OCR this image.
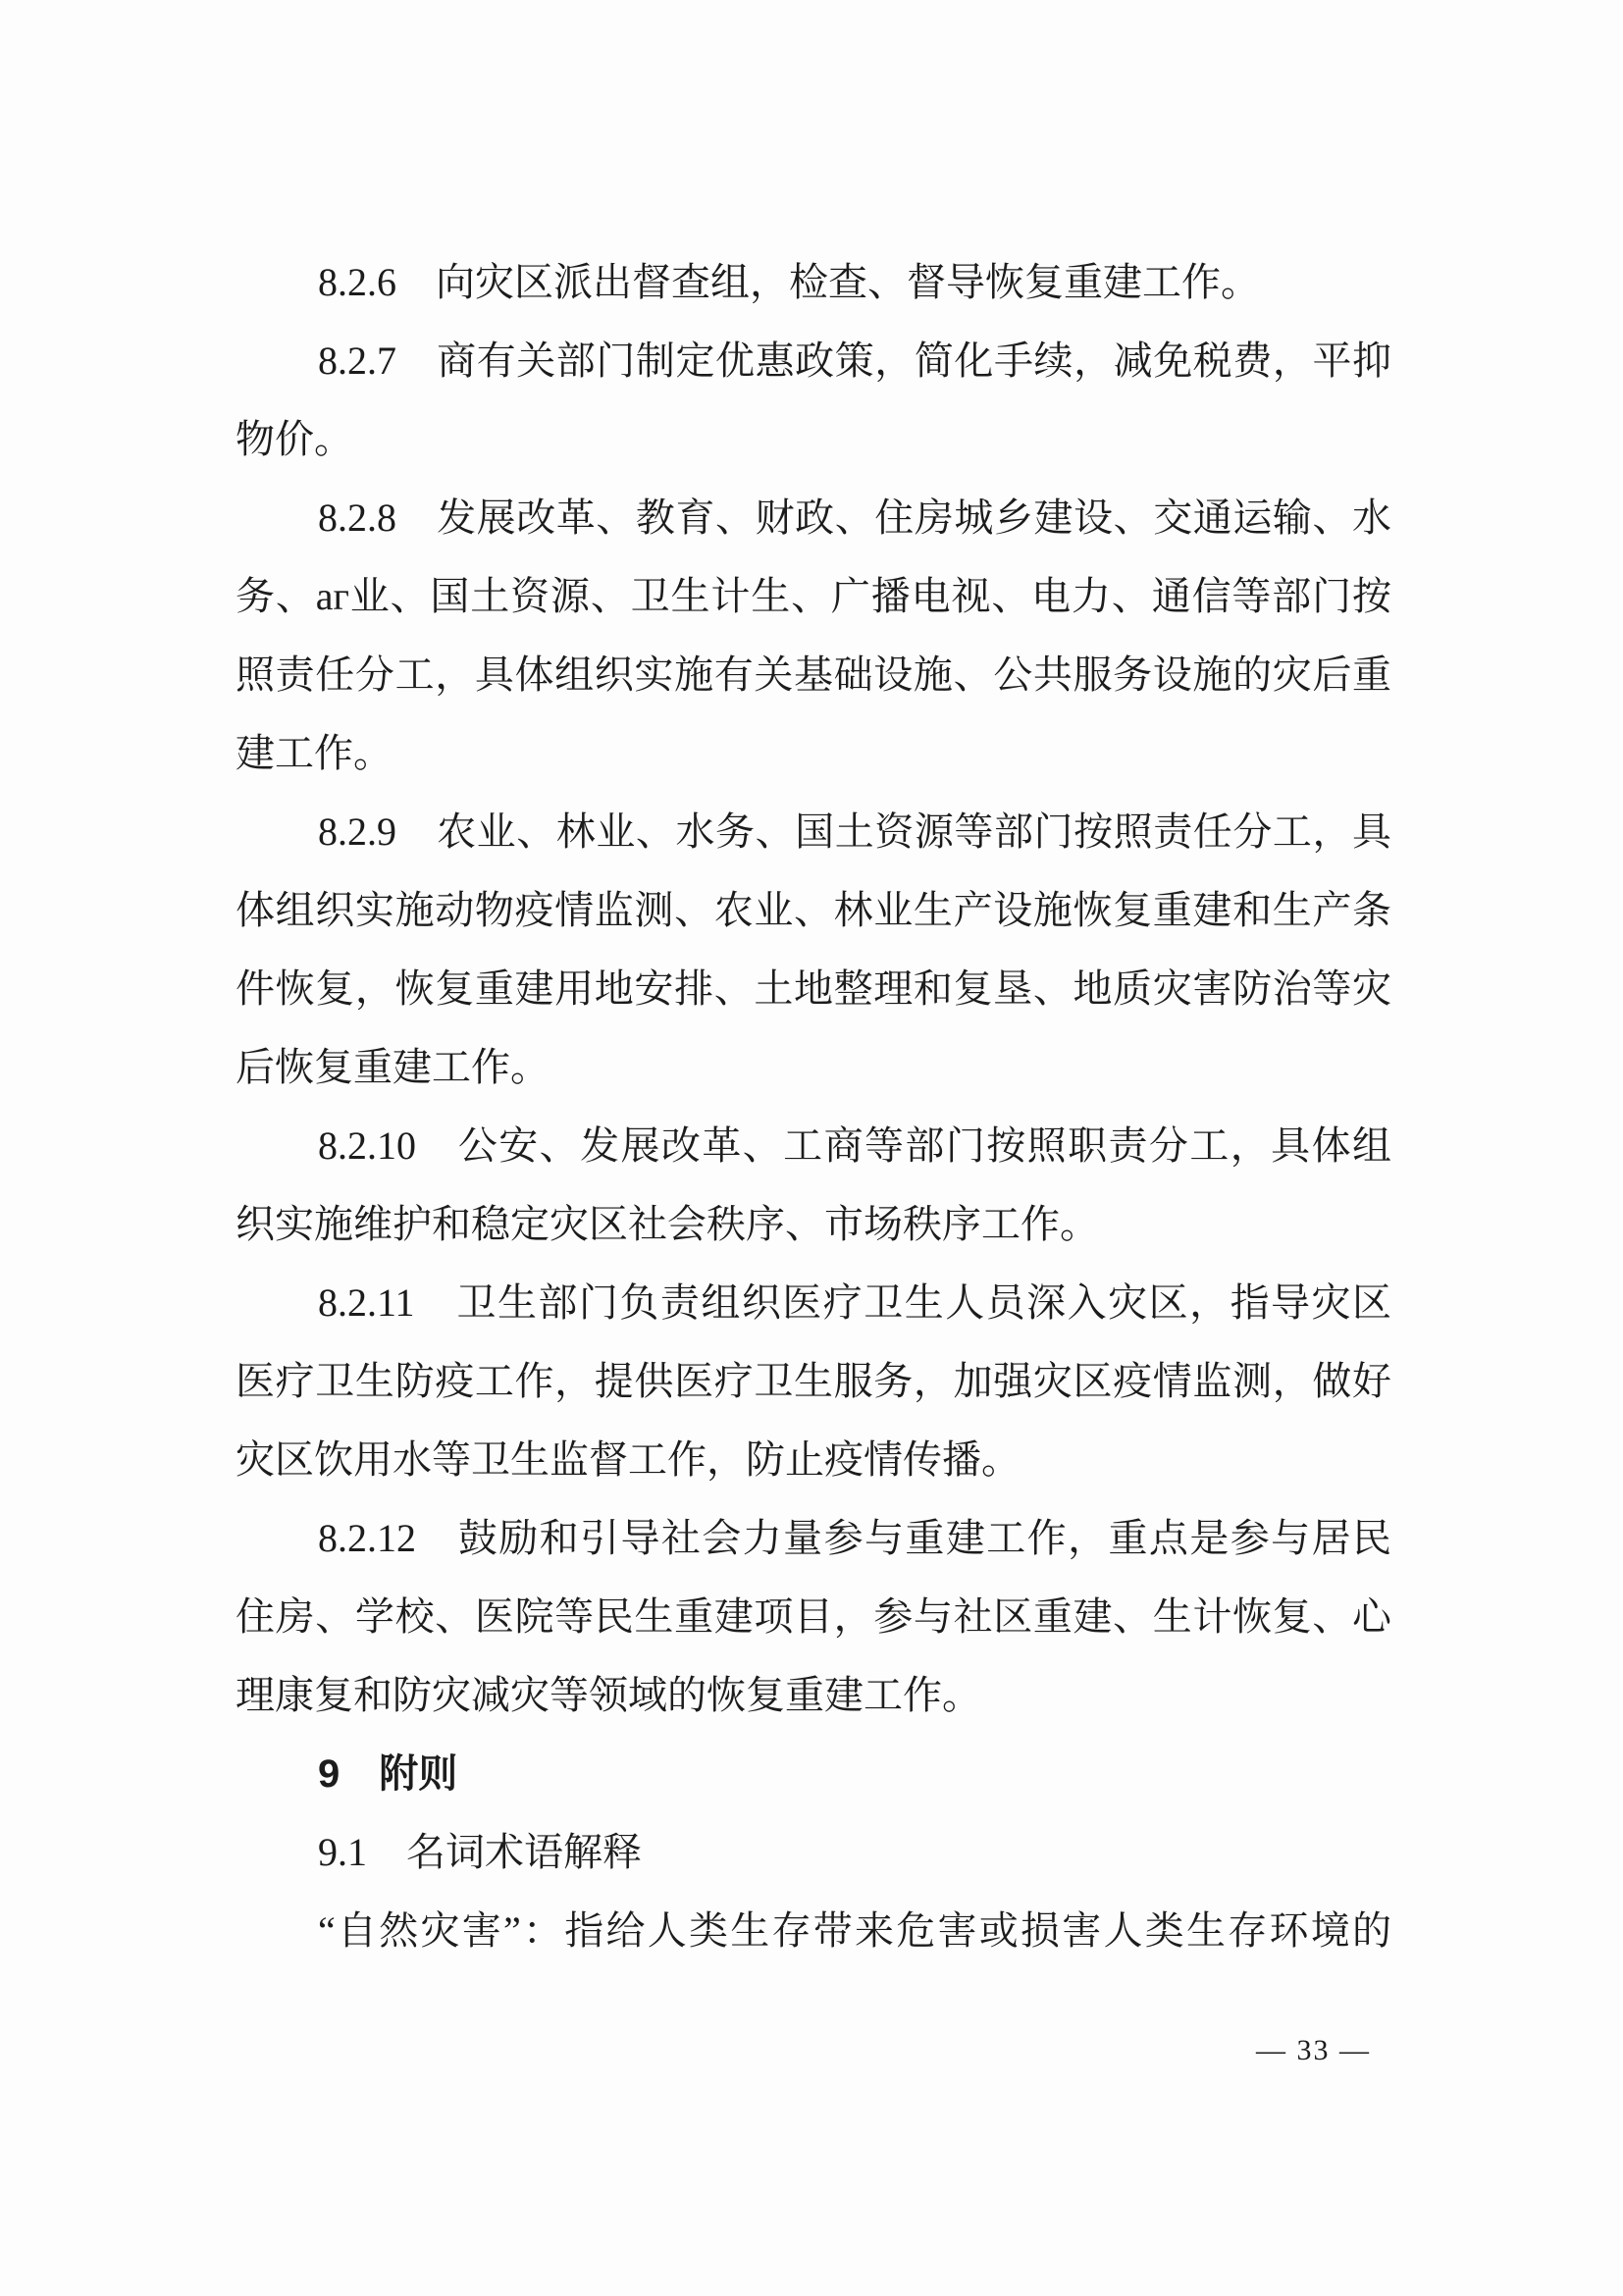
8.2.6　向灾区派出督查组，检查、督导恢复重建工作。
8.2.7　商有关部门制定优惠政策，简化手续，减免税费，平抑
物价。
8.2.8　发展改革、教育、财政、住房城乡建设、交通运输、水
务、аг业、国土资源、卫生计生、广播电视、电力、通信等部门按
照责任分工，具体组织实施有关基础设施、公共服务设施的灾后重
建工作。
8.2.9　农业、林业、水务、国土资源等部门按照责任分工，具
体组织实施动物疫情监测、农业、林业生产设施恢复重建和生产条
件恢复，恢复重建用地安排、土地整理和复垦、地质灾害防治等灾
后恢复重建工作。
8.2.10　公安、发展改革、工商等部门按照职责分工，具体组
织实施维护和稳定灾区社会秩序、市场秩序工作。
8.2.11　卫生部门负责组织医疗卫生人员深入灾区，指导灾区
医疗卫生防疫工作，提供医疗卫生服务，加强灾区疫情监测，做好
灾区饮用水等卫生监督工作，防止疫情传播。
8.2.12　鼓励和引导社会力量参与重建工作，重点是参与居民
住房、学校、医院等民生重建项目，参与社区重建、生计恢复、心
理康复和防灾减灾等领域的恢复重建工作。
9　附则
9.1　名词术语解释
“自然灾害”：指给人类生存带来危害或损害人类生存环境的
— 33 —
